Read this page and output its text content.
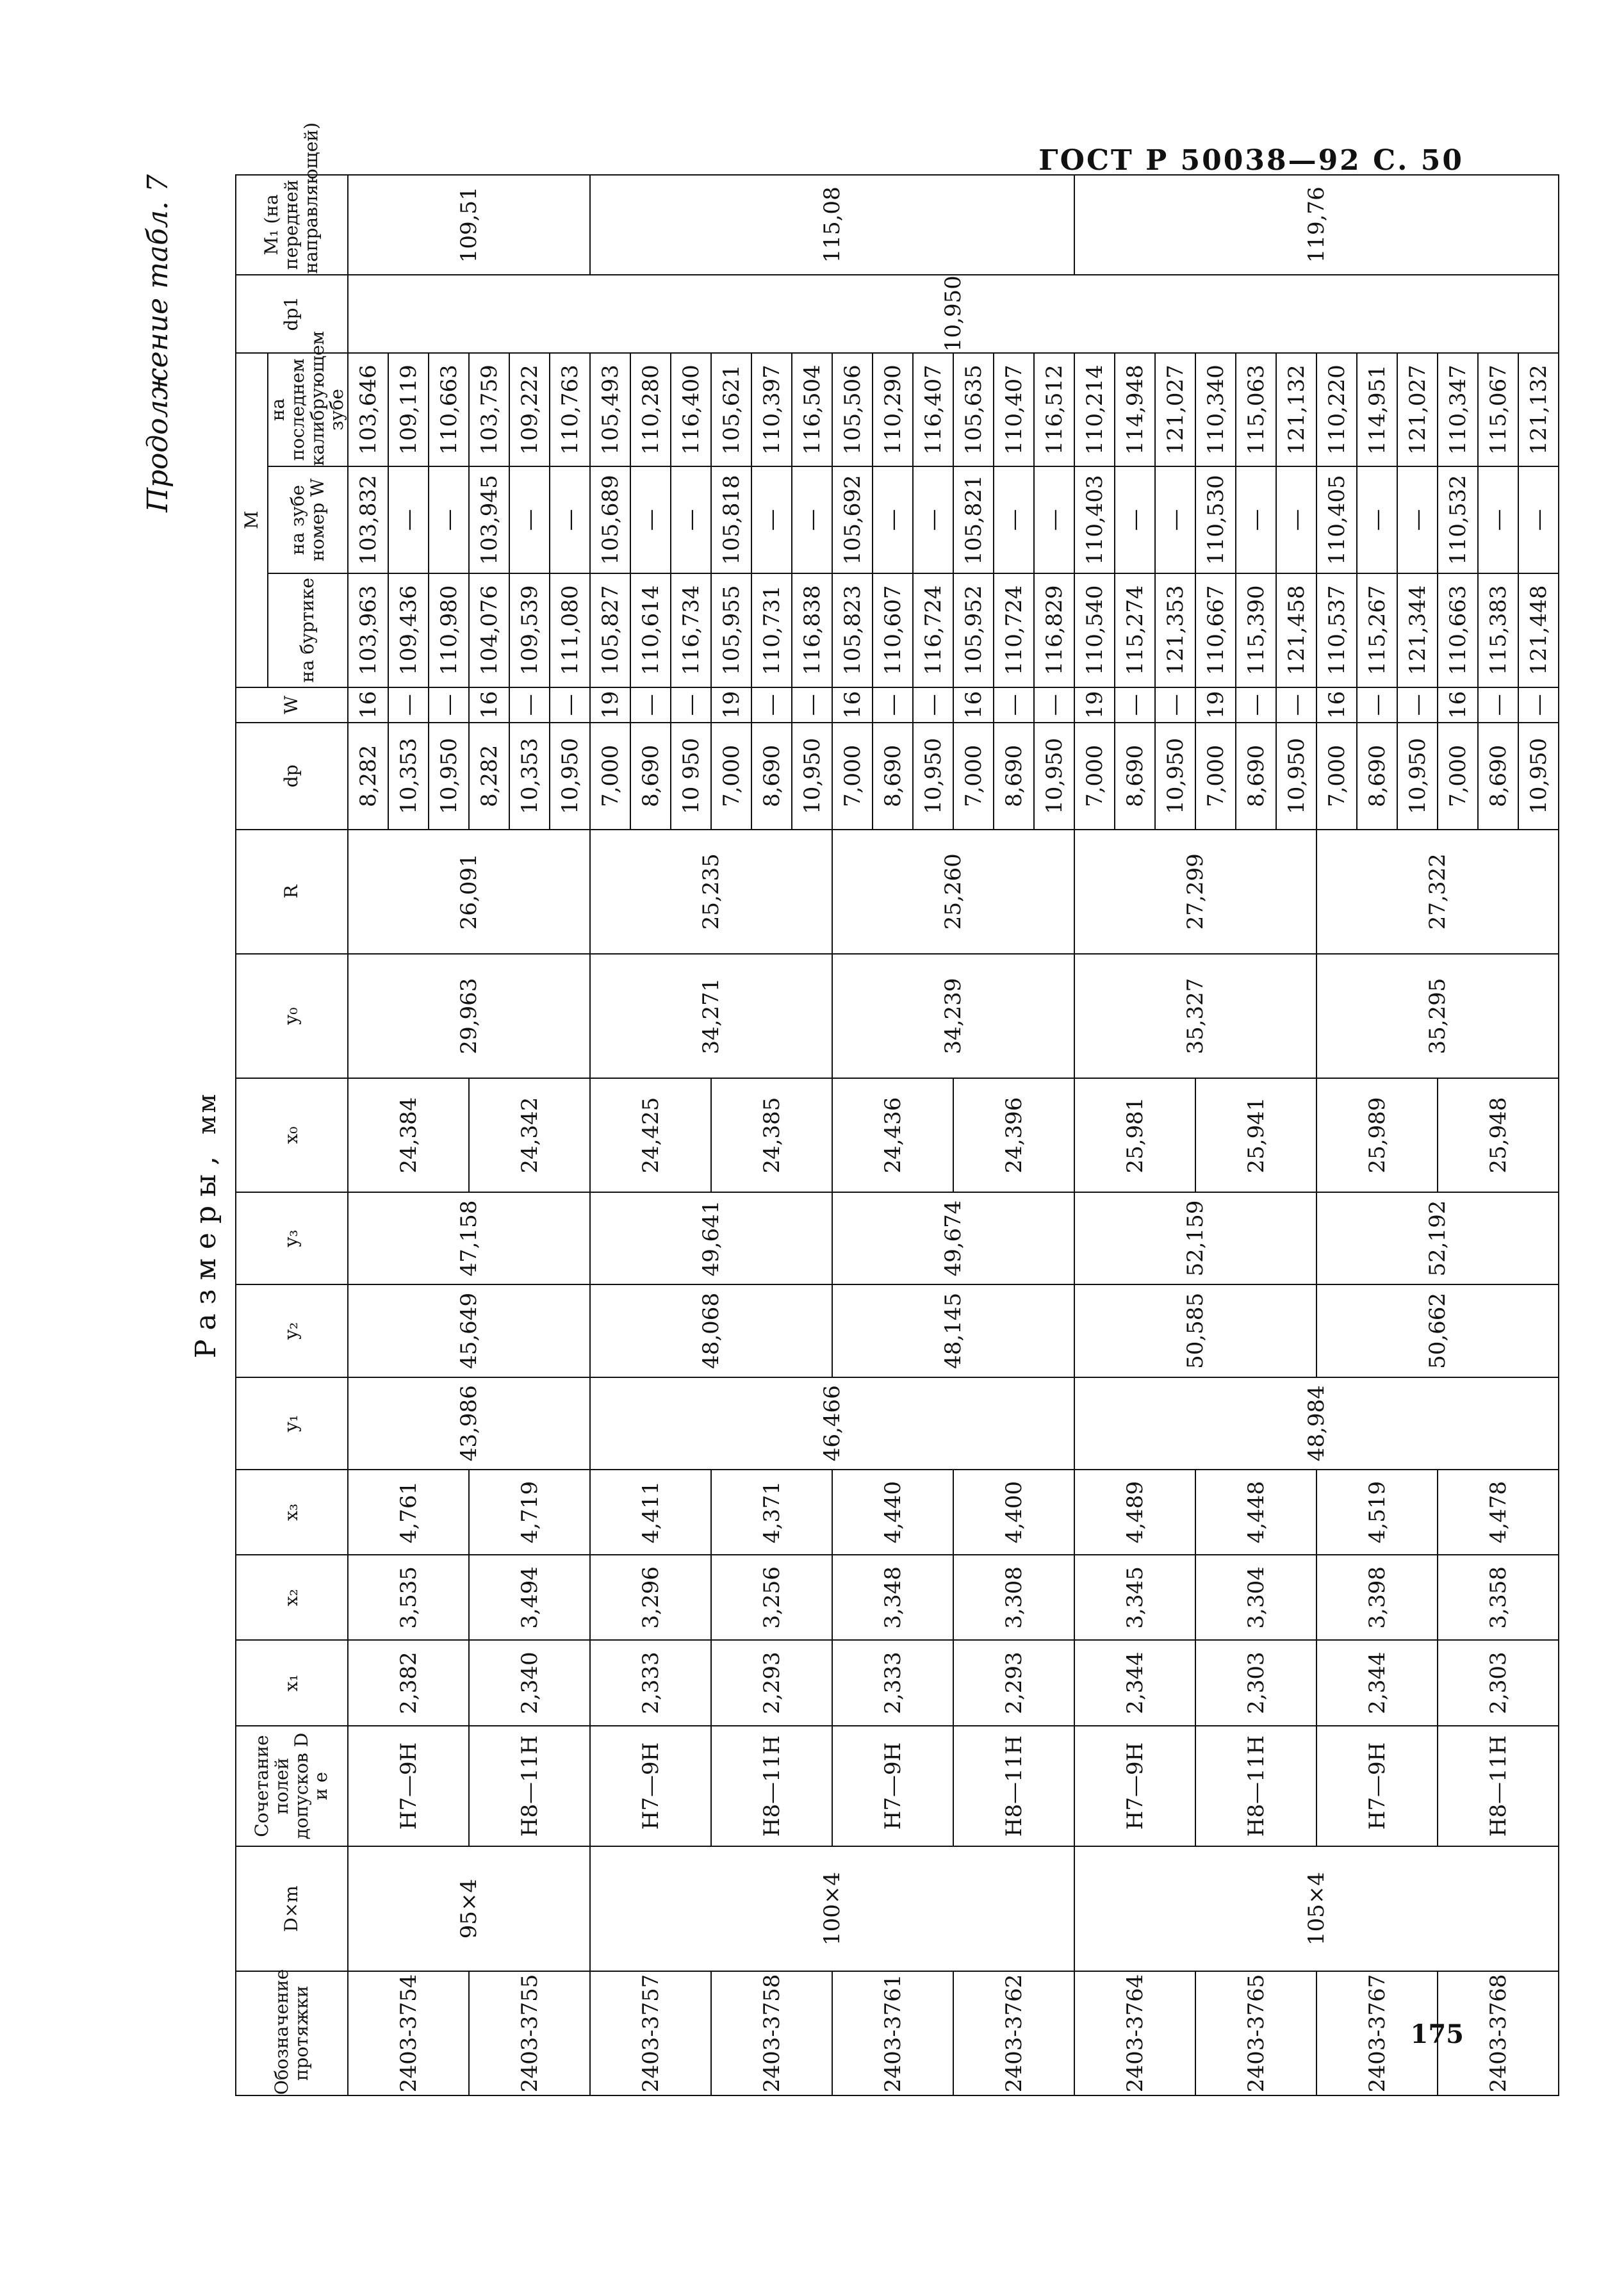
ГОСТ Р 50038—92 С. 50
Продолжение табл. 7
Размеры,мм
Обозначение протяжки	D×m	Сочетание полей допусков D и e	x₁	x₂	x₃	y₁	y₂	y₃	x₀	y₀	R	dp	W	M			dp1	M₁ (на передней направляющей)
														на буртике	на зубе номер W	на последнем калибрующем зубе		
2403-3754	95×4	H7—9H	2,382	3,535	4,761	43,986	45,649	47,158	24,384	29,963	26,091	8,282	16	103,963	103,832	103,646	10,950	109,51
												10,353	—	109,436	—	109,119		
												10,950	—	110,980	—	110,663		
2403-3755		H8—11H	2,340	3,494	4,719				24,342			8,282	16	104,076	103,945	103,759		
												10,353	—	109,539	—	109,222		
												10,950	—	111,080	—	110,763		
2403-3757	100×4	H7—9H	2,333	3,296	4,411	46,466	48,068	49,641	24,425	34,271	25,235	7,000	19	105,827	105,689	105,493		115,08
												8,690	—	110,614	—	110,280		
												10 950	—	116,734	—	116,400		
2403-3758		H8—11H	2,293	3,256	4,371				24,385			7,000	19	105,955	105,818	105,621		
												8,690	—	110,731	—	110,397		
												10,950	—	116,838	—	116,504		
2403-3761		H7—9H	2,333	3,348	4,440		48,145	49,674	24,436	34,239	25,260	7,000	16	105,823	105,692	105,506		
												8,690	—	110,607	—	110,290		
												10,950	—	116,724	—	116,407		
2403-3762		H8—11H	2,293	3,308	4,400				24,396			7,000	16	105,952	105,821	105,635		
												8,690	—	110,724	—	110,407		
												10,950	—	116,829	—	116,512		
2403-3764	105×4	H7—9H	2,344	3,345	4,489	48,984	50,585	52,159	25,981	35,327	27,299	7,000	19	110,540	110,403	110,214		119,76
												8,690	—	115,274	—	114,948		
												10,950	—	121,353	—	121,027		
2403-3765		H8—11H	2,303	3,304	4,448				25,941			7,000	19	110,667	110,530	110,340		
												8,690	—	115,390	—	115,063		
												10,950	—	121,458	—	121,132		
2403-3767		H7—9H	2,344	3,398	4,519		50,662	52,192	25,989	35,295	27,322	7,000	16	110,537	110,405	110,220		
												8,690	—	115,267	—	114,951		
												10,950	—	121,344	—	121,027		
2403-3768		H8—11H	2,303	3,358	4,478				25,948			7,000	16	110,663	110,532	110,347		
												8,690	—	115,383	—	115,067		
												10,950	—	121,448	—	121,132		
175
